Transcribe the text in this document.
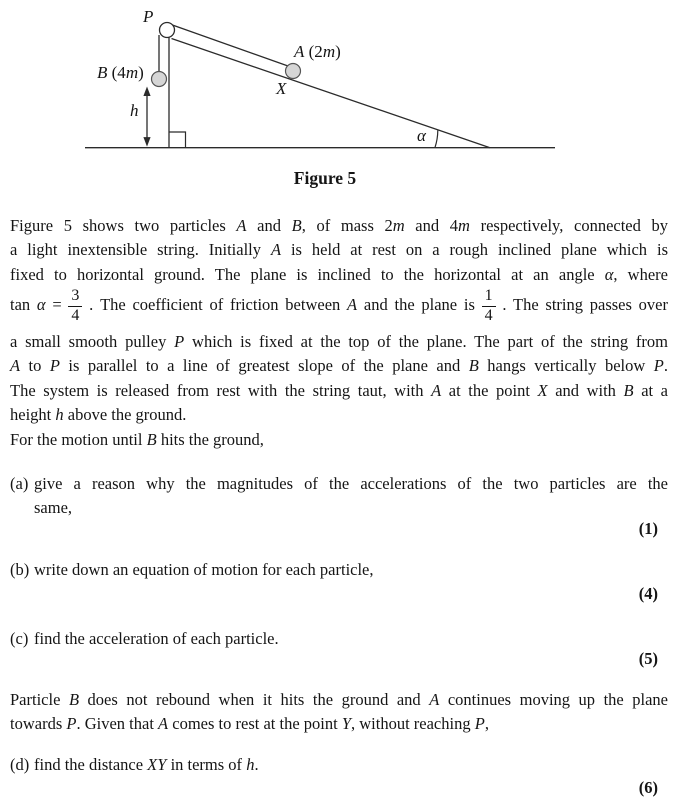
P
A (2m)
X
B (4m)
h
α
Figure 5
Figure 5 shows two particles A and B, of mass 2m and 4m respectively, connected by
a light inextensible string. Initially A is held at rest on a rough inclined plane which is
fixed to horizontal ground. The plane is inclined to the horizontal at an angle α, where
$\tan \alpha = \frac{3}{4}$ . The coefficient of friction between A and the plane is $\frac{1}{4}$ . The string passes over
a small smooth pulley P which is fixed at the top of the plane. The part of the string from
A to P is parallel to a line of greatest slope of the plane and B hangs vertically below P.
The system is released from rest with the string taut, with A at the point X and with B at a
height h above the ground.
For the motion until B hits the ground,
(a) give a reason why the magnitudes of the accelerations of the two particles are the
same,
(1)
(b) write down an equation of motion for each particle,
(4)
(c) find the acceleration of each particle.
(5)
Particle B does not rebound when it hits the ground and A continues moving up the plane
towards P. Given that A comes to rest at the point Y, without reaching P,
(d) find the distance XY in terms of h.
(6)
